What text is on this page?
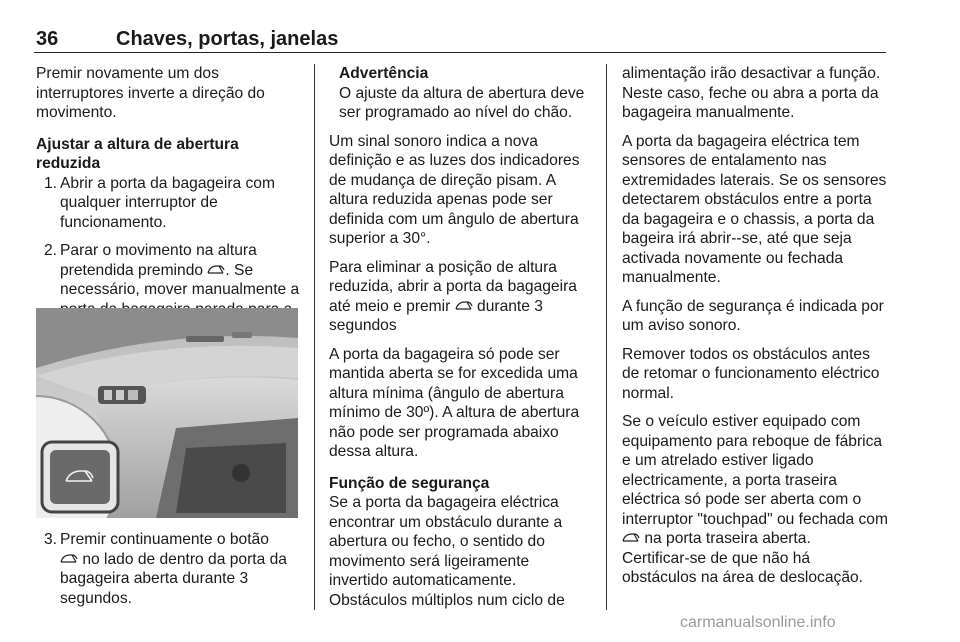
36	Chaves, portas, janelas

Premir novamente um dos interruptores inverte a direção do movimento.

Ajustar a altura de abertura reduzida

1. Abrir a porta da bagageira com qualquer interruptor de funcionamento.
2. Parar o movimento na altura pretendida premindo . Se necessário, mover manualmente a
3. Premir continuamente o botão

no lado de dentro da porta da bagageira aberta durante 3 segundos.

Advertência

O ajuste da altura de abertura deve ser programado ao nível do chão.

Um sinal sonoro indica a nova definição e as luzes dos indicadores de mudança de direção pisam. A altura reduzida apenas pode ser definida com um ângulo de abertura superior a 30°.

Para eliminar a posição de altura reduzida, abrir a porta da bagageira até meio e premir durante 3 segundos

A porta da bagageira só pode ser mantida aberta se for excedida uma altura mínima (ângulo de abertura mínimo de 30º). A altura de abertura não pode ser programada abaixo dessa altura.

Função de segurança

Se a porta da bagageira eléctrica encontrar um obstáculo durante a abertura ou fecho, o sentido do movimento será ligeiramente invertido automaticamente. Obstáculos múltiplos num ciclo de

alimentação irão desactivar a função. Neste caso, feche ou abra a porta da bagageira manualmente.

A porta da bagageira eléctrica tem sensores de entalamento nas extremidades laterais. Se os sensores detectarem obstáculos entre a porta da bagageira e o chassis, a porta da bageira irá abrir--se, até que seja activada novamente ou fechada manualmente.

A função de segurança é indicada por um aviso sonoro.

Remover todos os obstáculos antes de retomar o funcionamento eléctrico normal.

Se o veículo estiver equipado com equipamento para reboque de fábrica e um atrelado estiver ligado electricamente, a porta traseira eléctrica só pode ser aberta com o interruptor "touchpad" ou fechada com
na porta traseira aberta.

Certificar-se de que não há obstáculos na área de deslocação.

carmanualsonline.info
